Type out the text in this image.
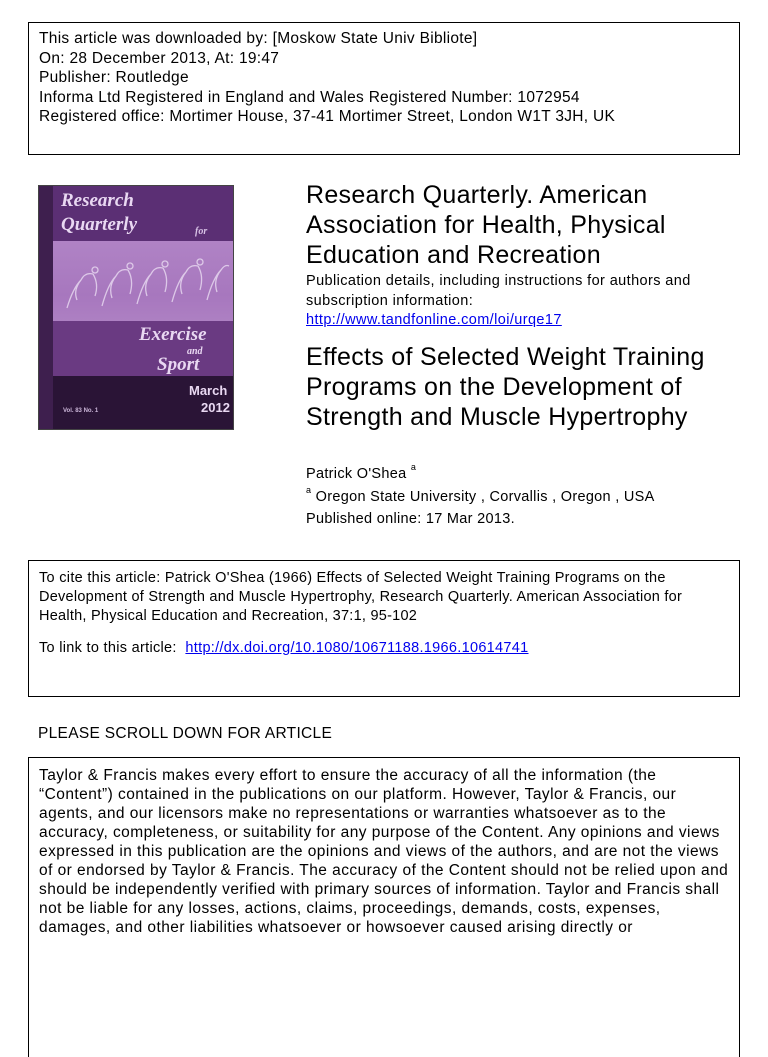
This article was downloaded by: [Moskow State Univ Bibliote]
On: 28 December 2013, At: 19:47
Publisher: Routledge
Informa Ltd Registered in England and Wales Registered Number: 1072954
Registered office: Mortimer House, 37-41 Mortimer Street, London W1T 3JH, UK
Research
Quarterly	for
Exercise
and
Sport
March
2012
Vol. 83 No. 1
Research Quarterly. American Association for Health, Physical Education and Recreation
Publication details, including instructions for authors and subscription information:
http://www.tandfonline.com/loi/urqe17
Effects of Selected Weight Training Programs on the Development of Strength and Muscle Hypertrophy
Patrick O'Shea $^a$
$^a$ Oregon State University , Corvallis , Oregon , USA
Published online: 17 Mar 2013.
To cite this article: Patrick O'Shea (1966) Effects of Selected Weight Training Programs on the Development of Strength and Muscle Hypertrophy, Research Quarterly. American Association for Health, Physical Education and Recreation, 37:1, 95-102
To link to this article: http://dx.doi.org/10.1080/10671188.1966.10614741
PLEASE SCROLL DOWN FOR ARTICLE

Taylor & Francis makes every effort to ensure the accuracy of all the information (the “Content”) contained in the publications on our platform. However, Taylor & Francis, our agents, and our licensors make no representations or warranties whatsoever as to the accuracy, completeness, or suitability for any purpose of the Content. Any opinions and views expressed in this publication are the opinions and views of the authors, and are not the views of or endorsed by Taylor & Francis. The accuracy of the Content should not be relied upon and should be independently verified with primary sources of information. Taylor and Francis shall not be liable for any losses, actions, claims, proceedings, demands, costs, expenses, damages, and other liabilities whatsoever or howsoever caused arising directly or
